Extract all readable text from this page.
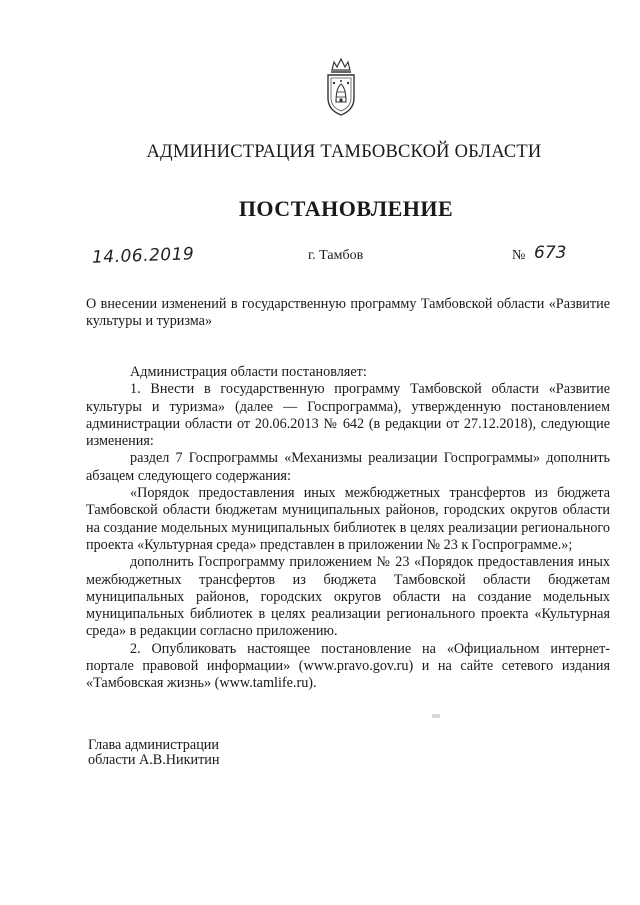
АДМИНИСТРАЦИЯ ТАМБОВСКОЙ ОБЛАСТИ
ПОСТАНОВЛЕНИЕ
14.06.2019	г. Тамбов	№ 673
О внесении изменений в государственную программу Тамбовской области «Развитие культуры и туризма»

Администрация области постановляет:

1. Внести в государственную программу Тамбовской области «Развитие культуры и туризма» (далее — Госпрограмма), утвержденную постановлением администрации области от 20.06.2013 № 642 (в редакции от 27.12.2018), следующие изменения:

раздел 7 Госпрограммы «Механизмы реализации Госпрограммы» дополнить абзацем следующего содержания:

«Порядок предоставления иных межбюджетных трансфертов из бюджета Тамбовской области бюджетам муниципальных районов, городских округов области на создание модельных муниципальных библиотек в целях реализации регионального проекта «Культурная среда» представлен в приложении № 23 к Госпрограмме.»;

дополнить Госпрограмму приложением № 23 «Порядок предоставления иных межбюджетных трансфертов из бюджета Тамбовской области бюджетам муниципальных районов, городских округов области на создание модельных муниципальных библиотек в целях реализации регионального проекта «Культурная среда» в редакции согласно приложению.

2. Опубликовать настоящее постановление на «Официальном интернет-портале правовой информации» (www.pravo.gov.ru) и на сайте сетевого издания «Тамбовская жизнь» (www.tamlife.ru).

Глава администрации
области А.В.Никитин
